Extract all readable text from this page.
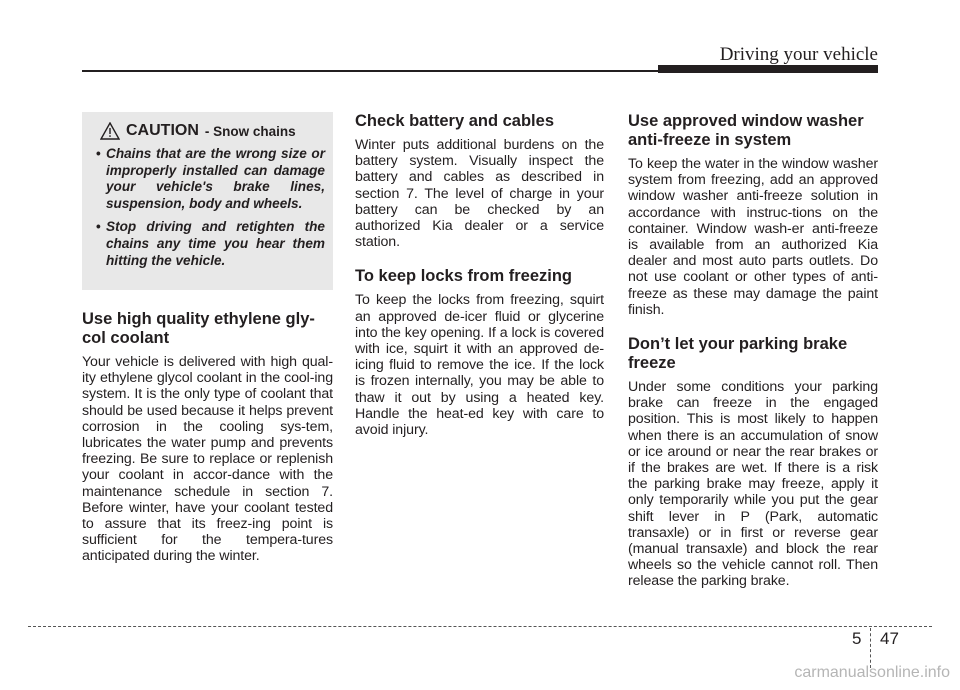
Driving your vehicle
CAUTION - Snow chains
• Chains that are the wrong size or improperly installed can damage your vehicle's brake lines, suspension, body and wheels.
• Stop driving and retighten the chains any time you hear them hitting the vehicle.
Use high quality ethylene gly-col coolant

Your vehicle is delivered with high qual-ity ethylene glycol coolant in the cool-ing system. It is the only type of coolant that should be used because it helps prevent corrosion in the cooling sys-tem, lubricates the water pump and prevents freezing. Be sure to replace or replenish your coolant in accor-dance with the maintenance schedule in section 7. Before winter, have your coolant tested to assure that its freez-ing point is sufficient for the tempera-tures anticipated during the winter.

Check battery and cables

Winter puts additional burdens on the battery system. Visually inspect the battery and cables as described in section 7. The level of charge in your battery can be checked by an authorized Kia dealer or a service station.

To keep locks from freezing

To keep the locks from freezing, squirt an approved de-icer fluid or glycerine into the key opening. If a lock is covered with ice, squirt it with an approved de-icing fluid to remove the ice. If the lock is frozen internally, you may be able to thaw it out by using a heated key. Handle the heat-ed key with care to avoid injury.

Use approved window washer anti-freeze in system

To keep the water in the window washer system from freezing, add an approved window washer anti-freeze solution in accordance with instruc-tions on the container. Window wash-er anti-freeze is available from an authorized Kia dealer and most auto parts outlets. Do not use coolant or other types of anti-freeze as these may damage the paint finish.

Don’t let your parking brake freeze

Under some conditions your parking brake can freeze in the engaged position. This is most likely to happen when there is an accumulation of snow or ice around or near the rear brakes or if the brakes are wet. If there is a risk the parking brake may freeze, apply it only temporarily while you put the gear shift lever in P (Park, automatic transaxle) or in first or reverse gear (manual transaxle) and block the rear wheels so the vehicle cannot roll. Then release the parking brake.

5 47
carmanualsonline.info
